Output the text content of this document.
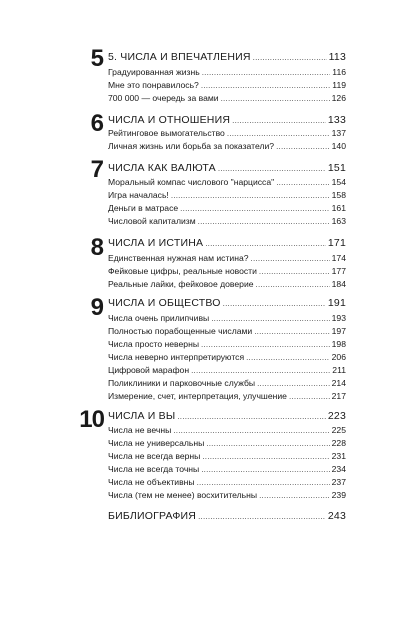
5 5. ЧИСЛА И ВПЕЧАТЛЕНИЯ . . .	113
Градуированная жизнь . . .	116
Мне это понравилось? . . .	119
700 000 — очередь за вами . . .	126
6 ЧИСЛА И ОТНОШЕНИЯ . . .	133
Рейтинговое вымогательство . . .	137
Личная жизнь или борьба за показатели? . . .	140
7 ЧИСЛА КАК ВАЛЮТА . . .	151
Моральный компас числового "нарцисса" . . .	154
Игра началась! . . .	158
Деньги в матрасе . . .	161
Числовой капитализм . . .	163
8 ЧИСЛА И ИСТИНА . . .	171
Единственная нужная нам истина? . . .	174
Фейковые цифры, реальные новости . . .	177
Реальные лайки, фейковое доверие . . .	184
9 ЧИСЛА И ОБЩЕСТВО . . .	191
Числа очень прилипчивы . . .	193
Полностью порабощенные числами . . .	197
Числа просто неверны . . .	198
Числа неверно интерпретируются . . .	206
Цифровой марафон . . .	211
Поликлиники и парковочные службы . . .	214
Измерение, счет, интерпретация, улучшение . . .	217
10 ЧИСЛА И ВЫ . . .	223
Числа не вечны . . .	225
Числа не универсальны . . .	228
Числа не всегда верны . . .	231
Числа не всегда точны . . .	234
Числа не объективны . . .	237
Числа (тем не менее) восхитительны . . .	239
БИБЛИОГРАФИЯ . . .	243
